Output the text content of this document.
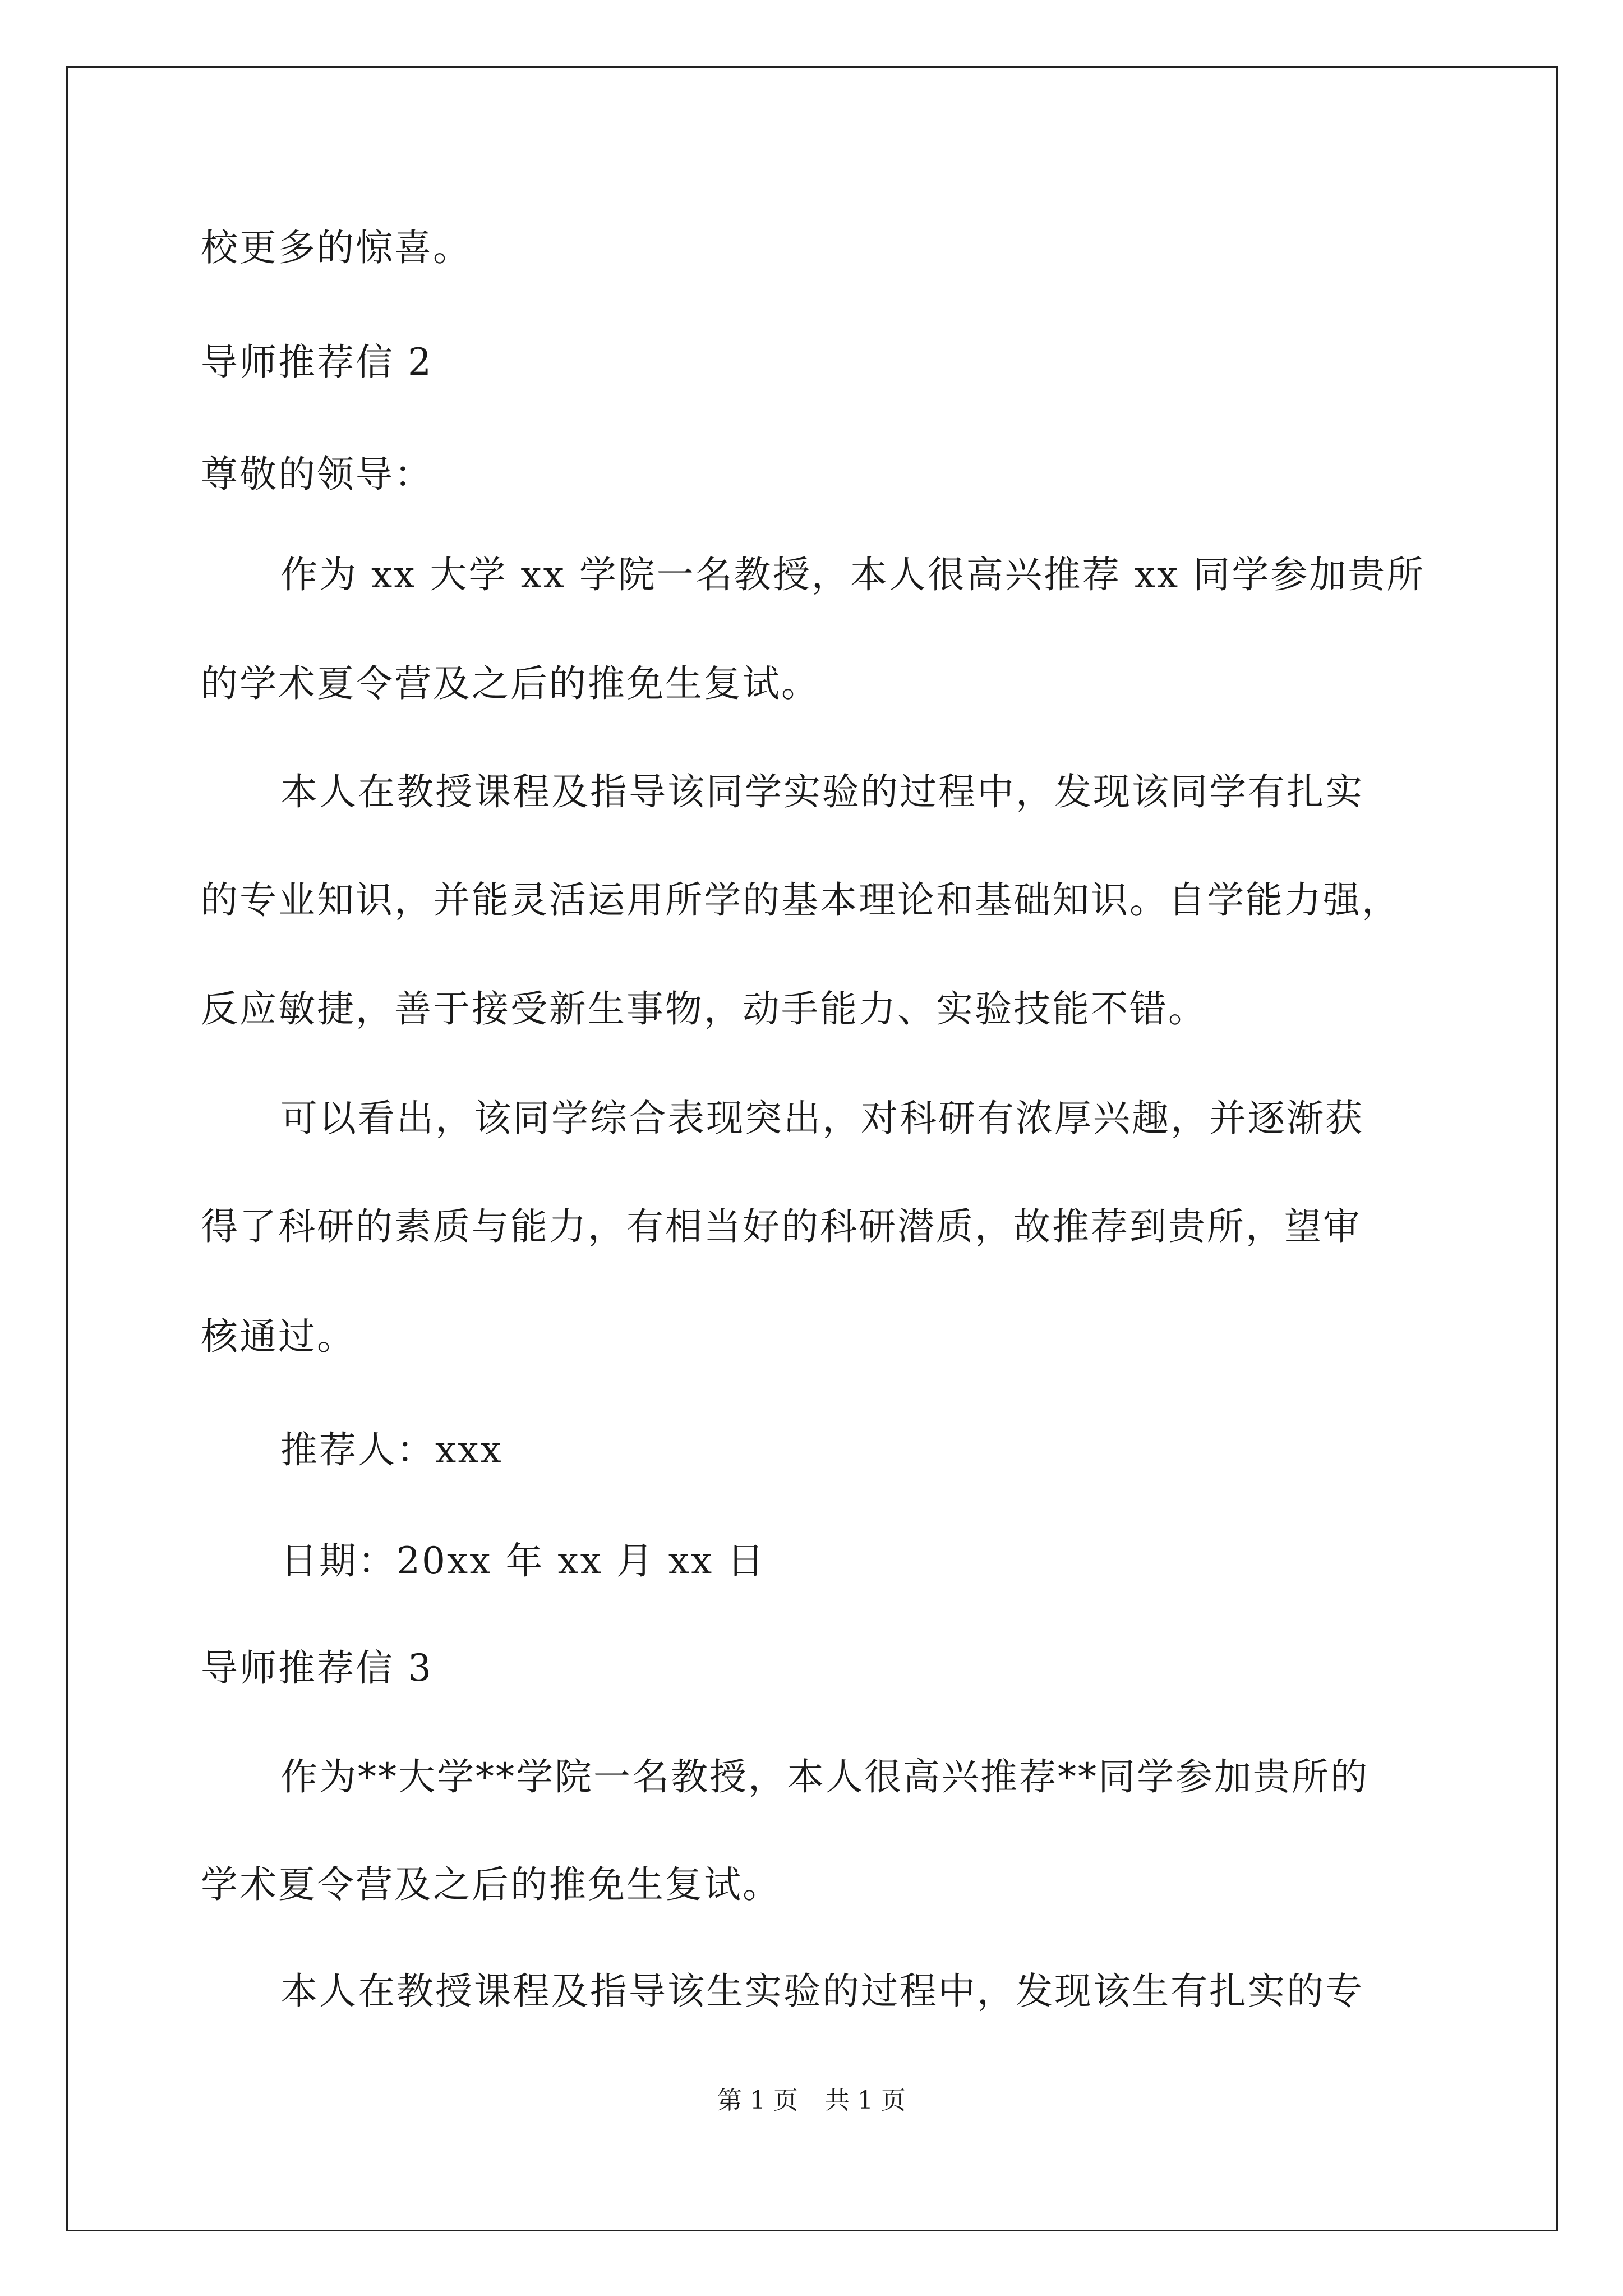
校更多的惊喜。
导师推荐信 2
尊敬的领导：
作为 xx 大学 xx 学院一名教授，本人很高兴推荐 xx 同学参加贵所
的学术夏令营及之后的推免生复试。
本人在教授课程及指导该同学实验的过程中，发现该同学有扎实
的专业知识，并能灵活运用所学的基本理论和基础知识。自学能力强，
反应敏捷，善于接受新生事物，动手能力、实验技能不错。
可以看出，该同学综合表现突出，对科研有浓厚兴趣，并逐渐获
得了科研的素质与能力，有相当好的科研潜质，故推荐到贵所，望审
核通过。
推荐人：xxx
日期：20xx 年 xx 月 xx 日
导师推荐信 3
作为**大学**学院一名教授，本人很高兴推荐**同学参加贵所的
学术夏令营及之后的推免生复试。
本人在教授课程及指导该生实验的过程中，发现该生有扎实的专
第 1 页 共 1 页
